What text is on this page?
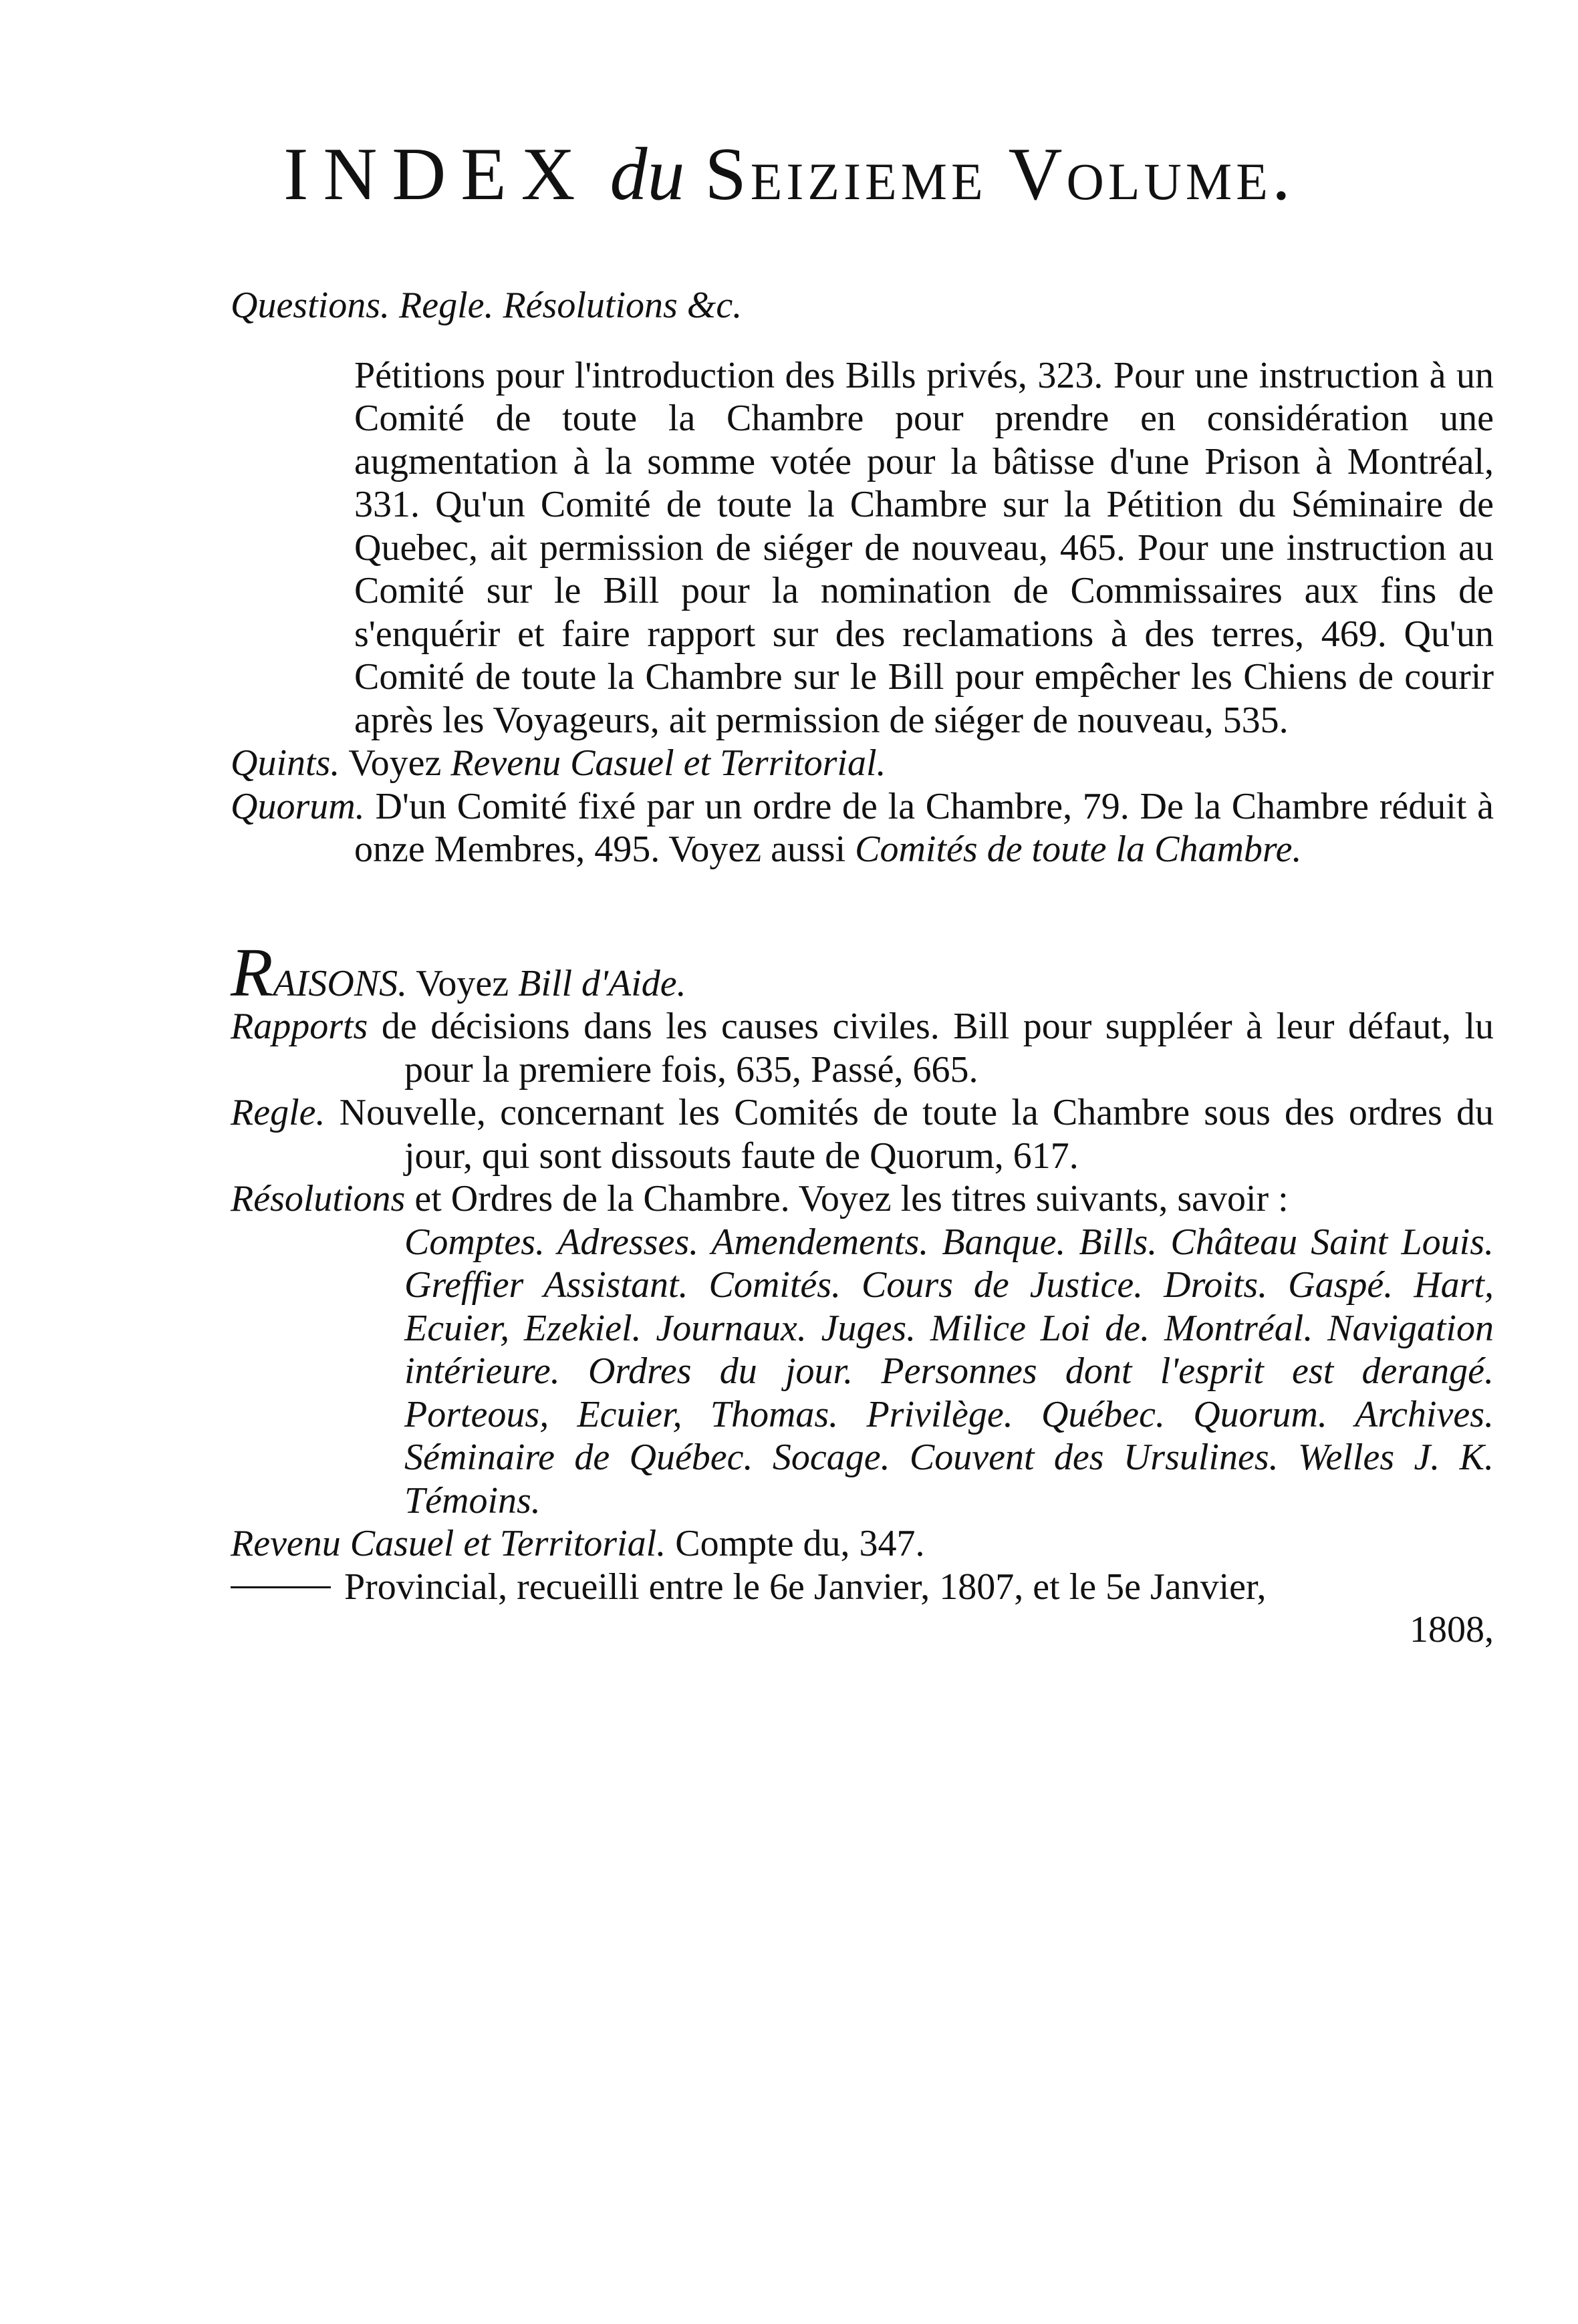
INDEX du Seizieme Volume.

Questions. Regle. Résolutions &c.

Pétitions pour l'introduction des Bills privés, 323. Pour une instruction à un Comité de toute la Chambre pour prendre en considération une augmentation à la somme votée pour la bâtisse d'une Prison à Montréal, 331. Qu'un Comité de toute la Chambre sur la Pétition du Séminaire de Quebec, ait permission de siéger de nouveau, 465. Pour une instruction au Comité sur le Bill pour la nomination de Commissaires aux fins de s'enquérir et faire rapport sur des reclamations à des terres, 469. Qu'un Comité de toute la Chambre sur le Bill pour empêcher les Chiens de courir après les Voyageurs, ait permission de siéger de nouveau, 535.

Quints. Voyez Revenu Casuel et Territorial.

Quorum. D'un Comité fixé par un ordre de la Chambre, 79. De la Chambre réduit à onze Membres, 495. Voyez aussi Comités de toute la Chambre.

RAISONS. Voyez Bill d'Aide.

Rapports de décisions dans les causes civiles. Bill pour suppléer à leur défaut, lu pour la premiere fois, 635, Passé, 665.

Regle. Nouvelle, concernant les Comités de toute la Chambre sous des ordres du jour, qui sont dissouts faute de Quorum, 617.

Résolutions et Ordres de la Chambre. Voyez les titres suivants, savoir :

Comptes. Adresses. Amendements. Banque. Bills. Château Saint Louis. Greffier Assistant. Comités. Cours de Justice. Droits. Gaspé. Hart, Ecuier, Ezekiel. Journaux. Juges. Milice Loi de. Montréal. Navigation intérieure. Ordres du jour. Personnes dont l'esprit est derangé. Porteous, Ecuier, Thomas. Privilège. Québec. Quorum. Archives. Séminaire de Québec. Socage. Couvent des Ursulines. Welles J. K. Témoins.

Revenu Casuel et Territorial. Compte du, 347.

Provincial, recueilli entre le 6e Janvier, 1807, et le 5e Janvier,

1808,
